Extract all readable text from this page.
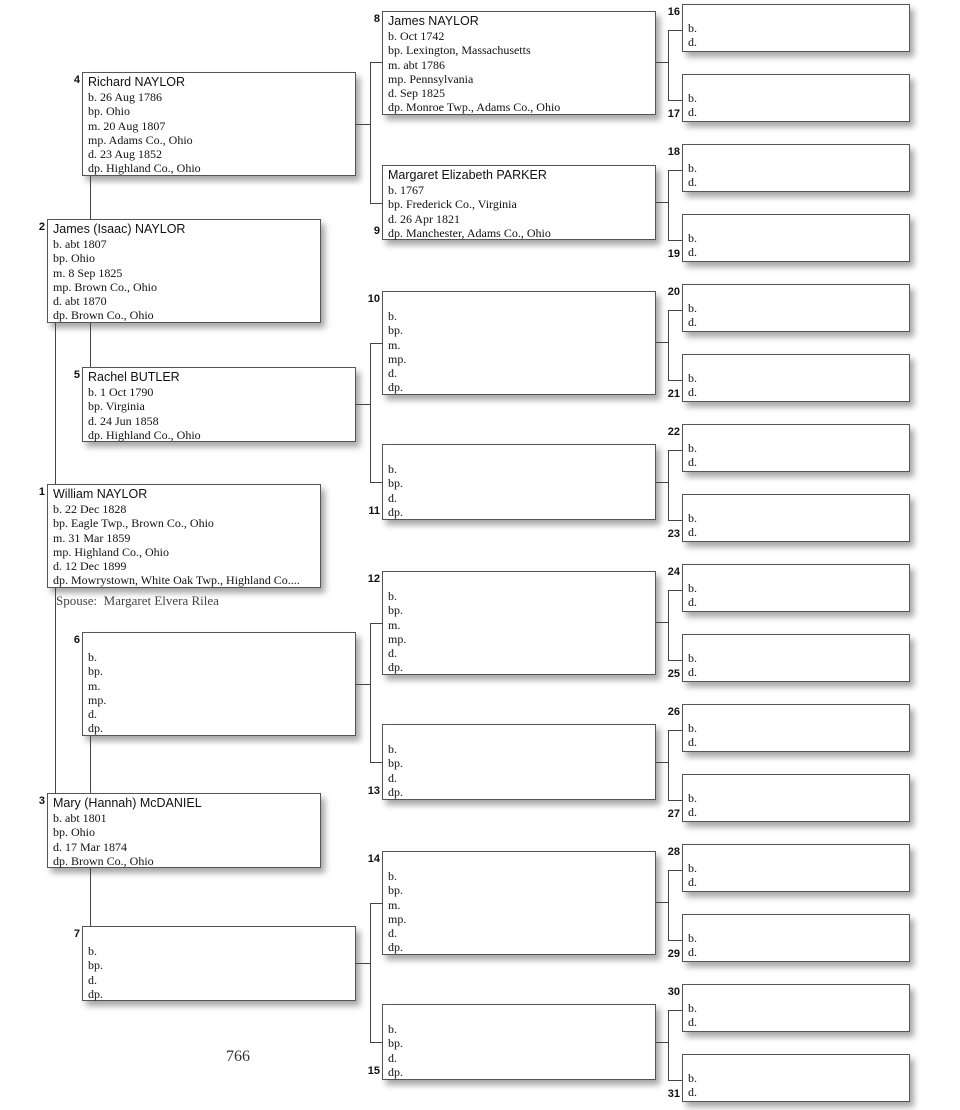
William NAYLOR
b. 22 Dec 1828
bp. Eagle Twp., Brown Co., Ohio
m. 31 Mar 1859
mp. Highland Co., Ohio
d. 12 Dec 1899
dp. Mowrystown, White Oak Twp., Highland Co....
1
James (Isaac) NAYLOR
b. abt 1807
bp. Ohio
m. 8 Sep 1825
mp. Brown Co., Ohio
d. abt 1870
dp. Brown Co., Ohio
2
Mary (Hannah) McDANIEL
b. abt 1801
bp. Ohio
d. 17 Mar 1874
dp. Brown Co., Ohio
3
Richard NAYLOR
b. 26 Aug 1786
bp. Ohio
m. 20 Aug 1807
mp. Adams Co., Ohio
d. 23 Aug 1852
dp. Highland Co., Ohio
4
Rachel BUTLER
b. 1 Oct 1790
bp. Virginia
d. 24 Jun 1858
dp. Highland Co., Ohio
5
b.
bp.
m.
mp.
d.
dp.
6
b.
bp.
d.
dp.
7
James NAYLOR
b. Oct 1742
bp. Lexington, Massachusetts
m. abt 1786
mp. Pennsylvania
d. Sep 1825
dp. Monroe Twp., Adams Co., Ohio
8
Margaret Elizabeth PARKER
b. 1767
bp. Frederick Co., Virginia
d. 26 Apr 1821
dp. Manchester, Adams Co., Ohio
9
b.
bp.
m.
mp.
d.
dp.
10
b.
bp.
d.
dp.
11
b.
bp.
m.
mp.
d.
dp.
12
b.
bp.
d.
dp.
13
b.
bp.
m.
mp.
d.
dp.
14
b.
bp.
d.
dp.
15
b.
d.
16
b.
d.
17
b.
d.
18
b.
d.
19
b.
d.
20
b.
d.
21
b.
d.
22
b.
d.
23
b.
d.
24
b.
d.
25
b.
d.
26
b.
d.
27
b.
d.
28
b.
d.
29
b.
d.
30
b.
d.
31
Spouse: Margaret Elvera Rilea
766
